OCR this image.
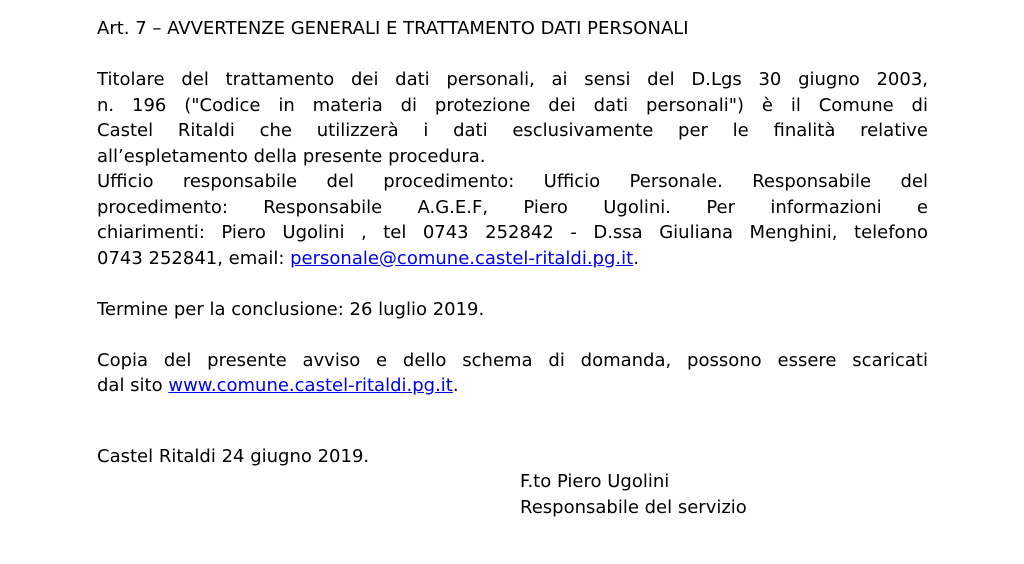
Art. 7 – AVVERTENZE GENERALI E TRATTAMENTO DATI PERSONALI
Titolare del trattamento dei dati personali, ai sensi del D.Lgs 30 giugno 2003,
n. 196 ("Codice in materia di protezione dei dati personali") è il Comune di
Castel Ritaldi che utilizzerà i dati esclusivamente per le finalità relative
all’espletamento della presente procedura.
Ufficio responsabile del procedimento: Ufficio Personale. Responsabile del
procedimento: Responsabile A.G.E.F, Piero Ugolini. Per informazioni e
chiarimenti: Piero Ugolini , tel 0743 252842 - D.ssa Giuliana Menghini, telefono
0743 252841, email: personale@comune.castel-ritaldi.pg.it.
Termine per la conclusione: 26 luglio 2019.
Copia del presente avviso e dello schema di domanda, possono essere scaricati
dal sito www.comune.castel-ritaldi.pg.it.
Castel Ritaldi 24 giugno 2019.
F.to Piero Ugolini
Responsabile del servizio
